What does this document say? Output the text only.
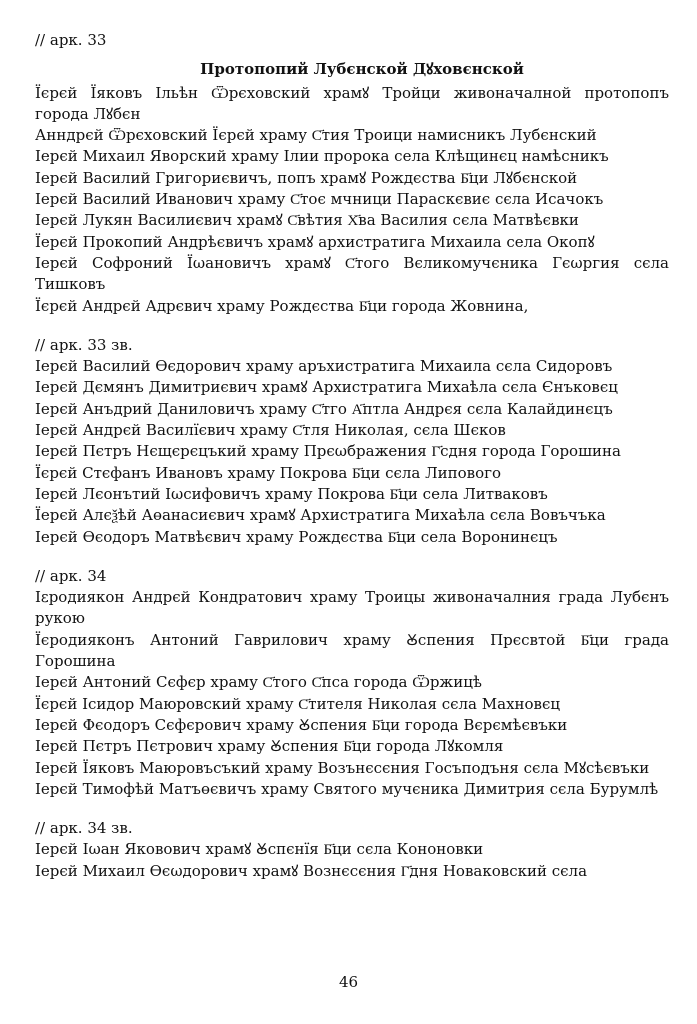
// арк. 33

Протопопий Лубєнской Дꙋховєнской

Їєрєй Їяковъ Ільѣн Ѿрєховский храмꙋ Тройци живоначалной протопопъ города Лꙋбєн

Анндрєй Ѿрєховский Їєрєй храму С҃тия Троици намисникъ Лубєнский

Іерєй Михаил Яворский храму Ілии пророка села Клѣщинєц намѣсникъ

Іерєй Василий Григориєвичъ, попъ храмꙋ Рождєства Б҃ци Лꙋбєнской

Іерєй Василий Иванович храму С҃тоє мчници Параскєвиє сєла Исачокъ

Іерєй Лукян Василиєвич храмꙋ С҃вѣтия Х҃ва Василия сєла Матвѣєвки

Їерєй Прокопий Андрѣєвичъ храмꙋ архистратига Михаила села Окопꙋ

Іерєй Софроний Їωановичъ храмꙋ С҃тогo Вєликомучєника Гєωргия сєла Тишковъ

Їєрєй Андрєй Адрєвич храму Рождєства Б҃ци города Жовнина,

// арк. 33 зв.

Іерєй Василий Өєдорович храму аръхистратига Михаила сєла Сидоровъ

Іерєй Дємянъ Димитриєвич храмꙋ Архистратига Михаѣла сєла Єнъковєц

Іерєй Анъдрий Даниловичъ храму С҃тго А҃птла Андрєя сєла Калайдинєцъ

Іерєй Андрєй Василїєвич храму С҃тля Николая, сєла Шєков

Іерєй Пєтръ Нєщєрєцъкий храму Прєωбражения Г҃сдня города Горошина

Їєрєй Стєфанъ Ивановъ храму Покрова Б҃ци сєла Липового

Іерєй Лєонътий Іωсифовичъ храму Покрова Б҃ци села Литваковъ

Їерєй Алєѯѣй Аөанасиєвич храмꙋ Архистратига Михаѣла сєла Вовъчъка

Іерєй Өєодоръ Матвѣєвич храму Рождєства Б҃ци села Воронинєцъ

// арк. 34

Іεродиякон Андрєй Кондратович храму Троицы живоначалния града Лубєнъ рукою

Їєродияконъ Антоний Гаврилович храму Ꙋспения Прєсвтой Б҃ци града Горошина

Іерєй Антоний Сєфєр храму С҃того С҃пса города Ѿржицѣ

Їєрєй Ісидор Маюровский храму С҃тителя Николая сєла Махновєц

Іерєй Фєодоръ Сєфєрович храму Ꙋспения Б҃ци города Вєрємѣєвъки

Іерєй Пєтръ Пєтрович храму Ꙋспения Б҃ци города Лꙋкомля

Іерєй Їяковъ Маюровъсъкий храму Возънєсєния Госъподъня сєла Мꙋсѣєвъки

Іерєй Тимофѣй Матъөєвичъ храму Святого мучєника Димитрия сєла Бурумлѣ

// арк. 34 зв.

Іерєй Іωан Яковович храмꙋ Ꙋспєнїя Б҃ци сєла Кононовки

Іерєй Михаил Өєωдорович храмꙋ Вознєсєния Г҃дня Новаковский сєла

46
